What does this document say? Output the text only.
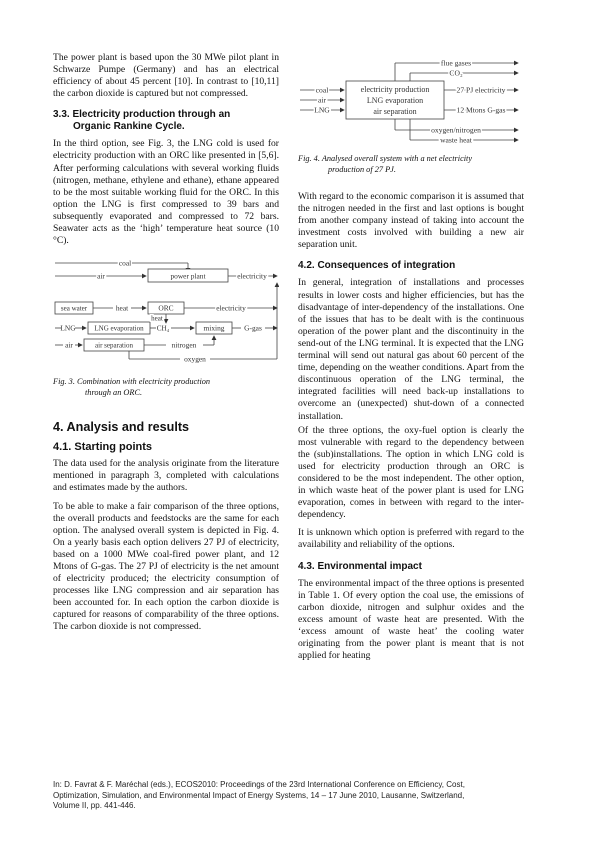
The power plant is based upon the 30 MWe pilot plant in Schwarze Pumpe (Germany) and has an electrical efficiency of about 45 percent [10]. In contrast to [10,11] the carbon dioxide is captured but not compressed.

3.3. Electricity production through an
Organic Rankine Cycle.

In the third option, see Fig. 3, the LNG cold is used for electricity production with an ORC like presented in [5,6]. After performing calculations with several working fluids (nitrogen, methane, ethylene and ethane), ethane appeared to be the most suitable working fluid for the ORC. In this option the LNG is first compressed to 39 bars and subsequently evaporated and compressed to 72 bars. Seawater acts as the ‘high’ temperature heat source (10 °C).

coal
air	power plant	electricity
sea water	heat	ORC	electricity
heat
LNG	LNG evaporation CH₄	mixing	G-gas
air	air separation	nitrogen
oxygen
Fig. 3. Combination with electricity production
through an ORC.
4. Analysis and results
4.1. Starting points

The data used for the analysis originate from the literature mentioned in paragraph 3, completed with calculations and estimates made by the authors.

To be able to make a fair comparison of the three options, the overall products and feedstocks are the same for each option. The analysed overall system is depicted in Fig. 4. On a yearly basis each option delivers 27 PJ of electricity, based on a 1000 MWe coal-fired power plant, and 12 Mtons of G-gas. The 27 PJ of electricity is the net amount of electricity produced; the electricity consumption of processes like LNG compression and air separation has been accounted for. In each option the carbon dioxide is captured for reasons of comparability of the three options. The carbon dioxide is not compressed.

flue gases
CO₂
coal
air
LNG
electricity production
LNG evaporation
air separation
27 PJ electricity
12 Mtons G-gas
oxygen/nitrogen
waste heat
Fig. 4. Analysed overall system with a net electricity
production of 27 PJ.

With regard to the economic comparison it is assumed that the nitrogen needed in the first and last options is bought from another company instead of taking into account the investment costs involved with building a new air separation unit.

4.2. Consequences of integration

In general, integration of installations and processes results in lower costs and higher efficiencies, but has the disadvantage of inter-dependency of the installations. One of the issues that has to be dealt with is the continuous operation of the power plant and the discontinuity in the send-out of the LNG terminal. It is expected that the LNG terminal will send out natural gas about 60 percent of the time, depending on the weather conditions. Apart from the discontinuous operation of the LNG terminal, the integrated facilities will need back-up installations to overcome an (unexpected) shut-down of a connected installation.

Of the three options, the oxy-fuel option is clearly the most vulnerable with regard to the dependency between the (sub)installations. The option in which LNG cold is used for electricity production through an ORC is considered to be the most independent. The other option, in which waste heat of the power plant is used for LNG evaporation, comes in between with regard to the inter-dependency.

It is unknown which option is preferred with regard to the availability and reliability of the options.

4.3. Environmental impact

The environmental impact of the three options is presented in Table 1. Of every option the coal use, the emissions of carbon dioxide, nitrogen and sulphur oxides and the excess amount of waste heat are presented. With the ‘excess amount of waste heat’ the cooling water originating from the power plant is meant that is not applied for heating

In: D. Favrat & F. Maréchal (eds.), ECOS2010: Proceedings of the 23rd International Conference on Efficiency, Cost,
Optimization, Simulation, and Environmental Impact of Energy Systems, 14 – 17 June 2010, Lausanne, Switzerland,
Volume II, pp. 441-446.
